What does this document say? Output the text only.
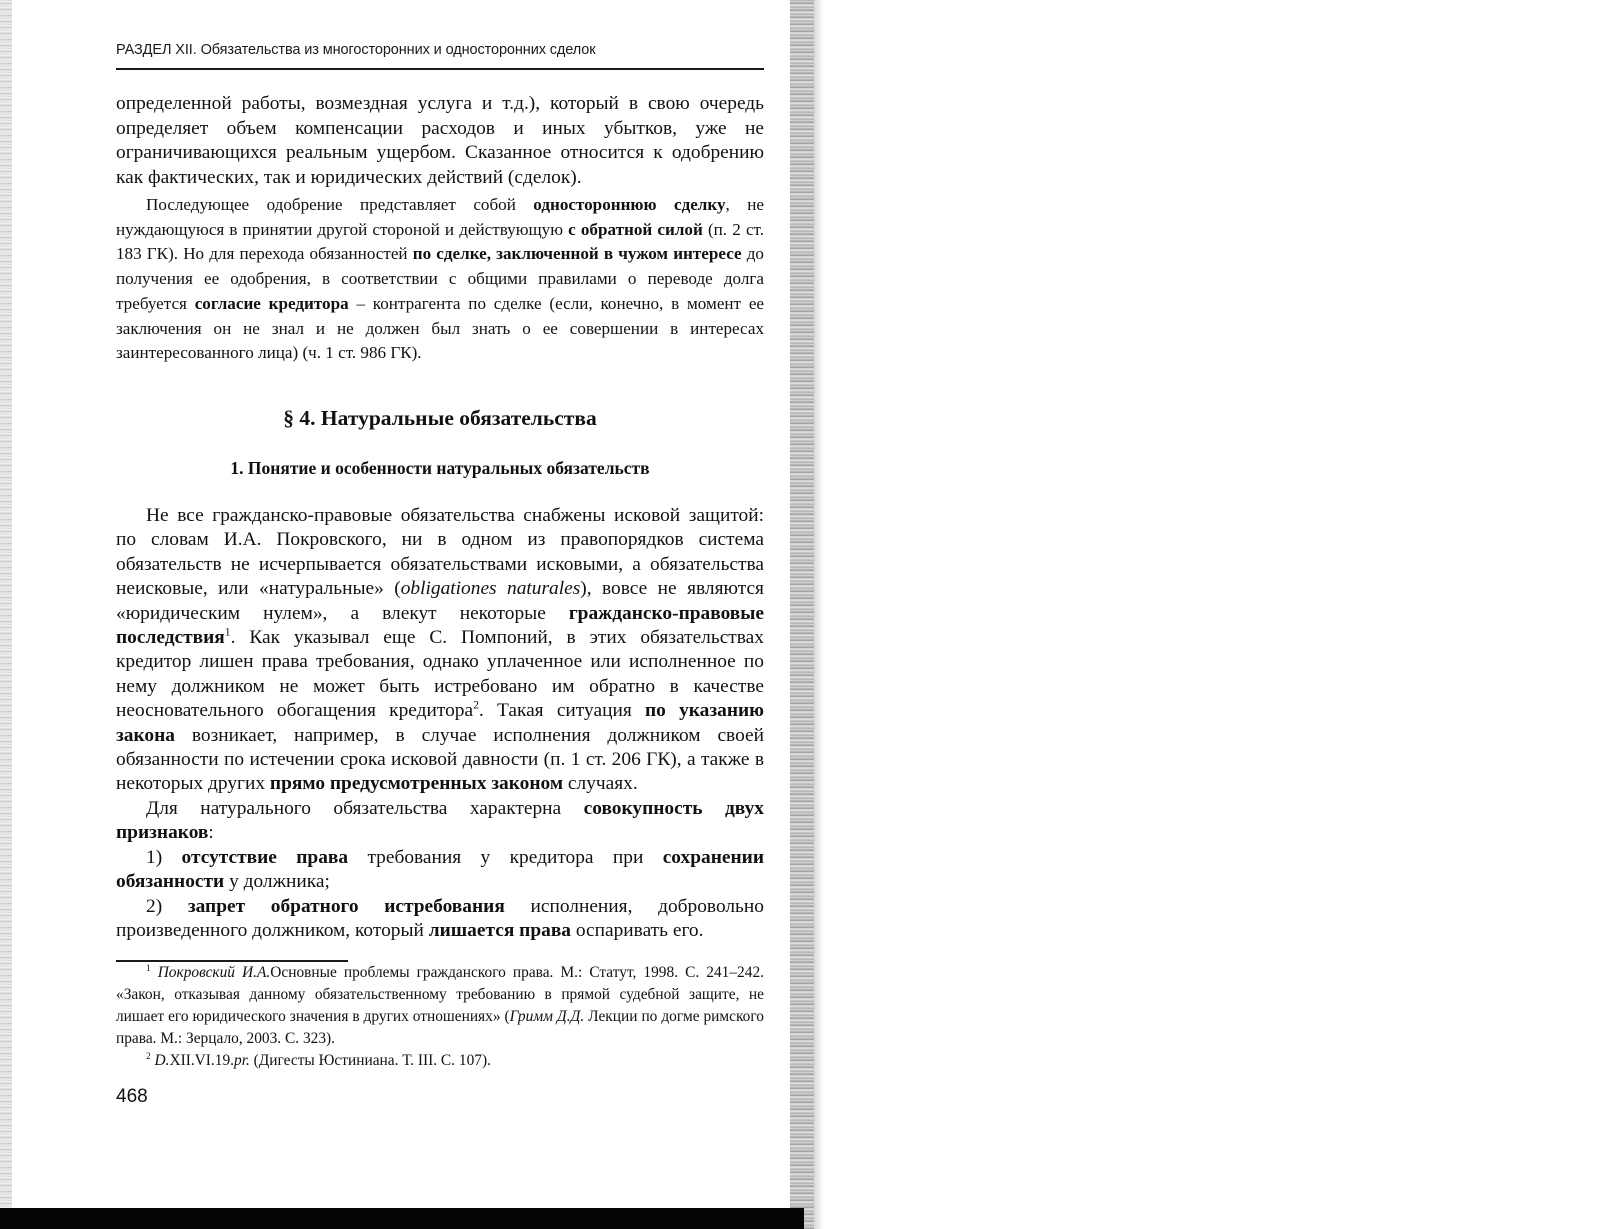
РАЗДЕЛ XII. Обязательства из многосторонних и односторонних сделок

определенной работы, возмездная услуга и т.д.), который в свою очередь определяет объем компенсации расходов и иных убытков, уже не ограничивающихся реальным ущербом. Сказанное относится к одобрению как фактических, так и юридических действий (сделок).

Последующее одобрение представляет собой одностороннюю сделку, не нуждающуюся в принятии другой стороной и действующую с обратной силой (п. 2 ст. 183 ГК). Но для перехода обязанностей по сделке, заключенной в чужом интересе до получения ее одобрения, в соответствии с общими правилами о переводе долга требуется согласие кредитора – контрагента по сделке (если, конечно, в момент ее заключения он не знал и не должен был знать о ее совершении в интересах заинтересованного лица) (ч. 1 ст. 986 ГК).

§ 4. Натуральные обязательства
1. Понятие и особенности натуральных обязательств

Не все гражданско-правовые обязательства снабжены исковой защитой: по словам И.А. Покровского, ни в одном из правопорядков система обязательств не исчерпывается обязательствами исковыми, а обязательства неисковые, или «натуральные» (obligationes naturales), вовсе не являются «юридическим нулем», а влекут некоторые гражданско-правовые последствия$^1$. Как указывал еще С. Помпоний, в этих обязательствах кредитор лишен права требования, однако уплаченное или исполненное по нему должником не может быть истребовано им обратно в качестве неосновательного обогащения кредитора$^2$. Такая ситуация по указанию закона возникает, например, в случае исполнения должником своей обязанности по истечении срока исковой давности (п. 1 ст. 206 ГК), а также в некоторых других прямо предусмотренных законом случаях.

Для натурального обязательства характерна совокупность двух признаков:

1) отсутствие права требования у кредитора при сохранении обязанности у должника;

2) запрет обратного истребования исполнения, добровольно произведенного должником, который лишается права оспаривать его.

$^1$ Покровский И.А.Основные проблемы гражданского права. М.: Статут, 1998. С. 241–242. «Закон, отказывая данному обязательственному требованию в прямой судебной защите, не лишает его юридического значения в других отношениях» (Гримм Д.Д. Лекции по догме римского права. М.: Зерцало, 2003. С. 323).

$^2$ D.XII.VI.19.pr. (Дигесты Юстиниана. Т. III. С. 107).

468
